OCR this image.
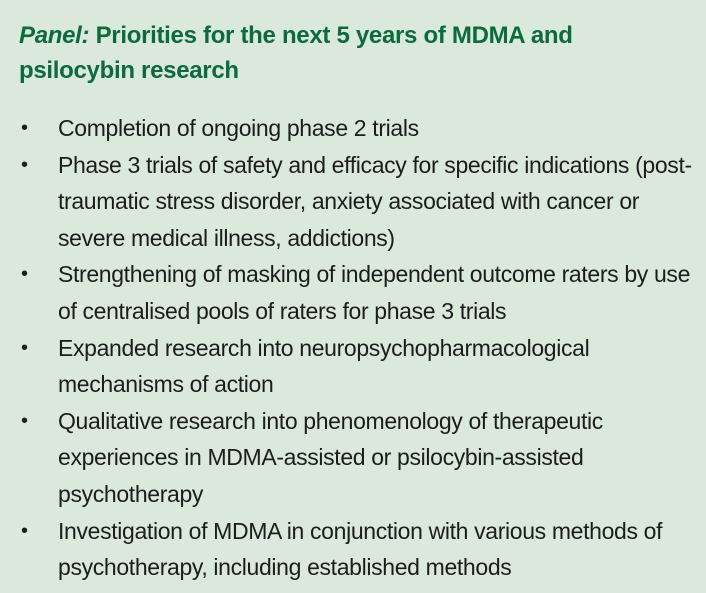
Panel: Priorities for the next 5 years of MDMA and psilocybin research
• Completion of ongoing phase 2 trials
• Phase 3 trials of safety and efficacy for specific indications (post-traumatic stress disorder, anxiety associated with cancer or severe medical illness, addictions)
• Strengthening of masking of independent outcome raters by use of centralised pools of raters for phase 3 trials
• Expanded research into neuropsychopharmacological mechanisms of action
• Qualitative research into phenomenology of therapeutic experiences in MDMA-assisted or psilocybin-assisted psychotherapy
• Investigation of MDMA in conjunction with various methods of psychotherapy, including established methods
